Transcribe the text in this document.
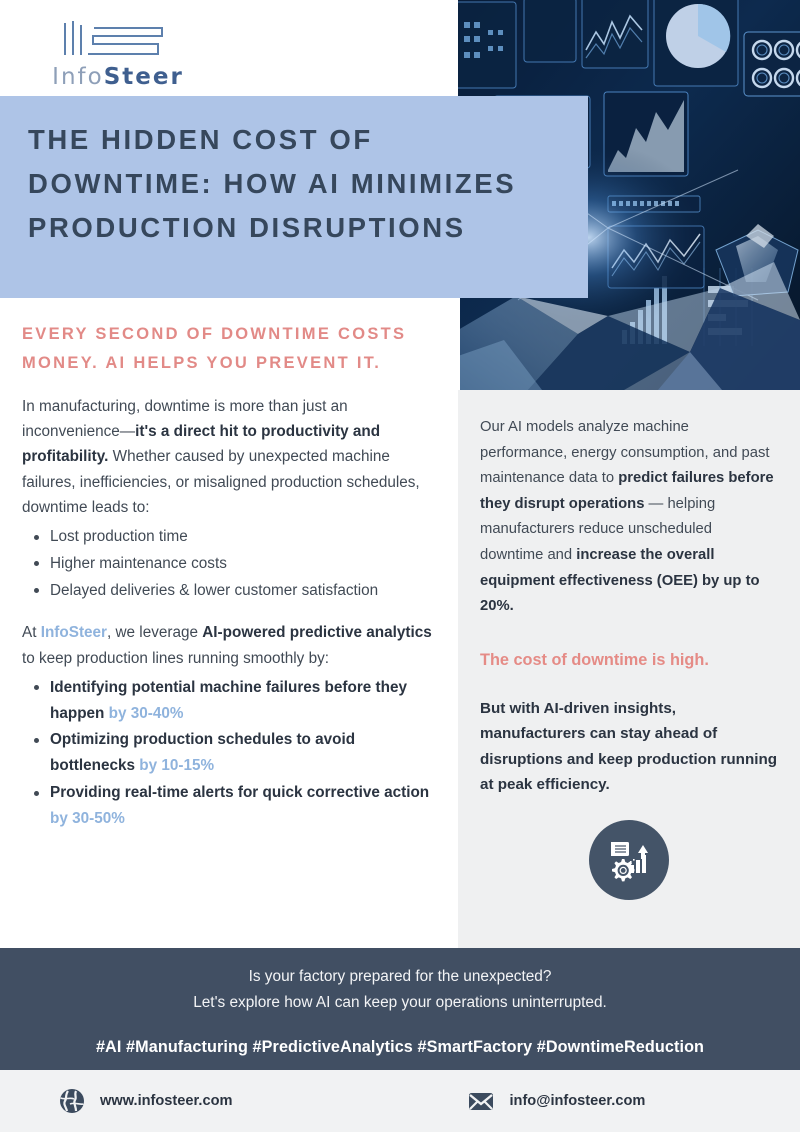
InfoSteer
THE HIDDEN COST OF DOWNTIME: HOW AI MINIMIZES PRODUCTION DISRUPTIONS

EVERY SECOND OF DOWNTIME COSTS MONEY. AI HELPS YOU PREVENT IT.

In manufacturing, downtime is more than just an inconvenience—it's a direct hit to productivity and profitability. Whether caused by unexpected machine failures, inefficiencies, or misaligned production schedules, downtime leads to:

Lost production time
Higher maintenance costs
Delayed deliveries & lower customer satisfaction

At InfoSteer, we leverage AI-powered predictive analytics to keep production lines running smoothly by:

Identifying potential machine failures before they happen by 30-40%
Optimizing production schedules to avoid bottlenecks by 10-15%
Providing real-time alerts for quick corrective action by 30-50%

Our AI models analyze machine performance, energy consumption, and past maintenance data to predict failures before they disrupt operations — helping manufacturers reduce unscheduled downtime and increase the overall equipment effectiveness (OEE) by up to 20%.

The cost of downtime is high.

But with AI-driven insights, manufacturers can stay ahead of disruptions and keep production running at peak efficiency.

Is your factory prepared for the unexpected?
Let's explore how AI can keep your operations uninterrupted.
#AI #Manufacturing #PredictiveAnalytics #SmartFactory #DowntimeReduction
www.infosteer.com	info@infosteer.com
